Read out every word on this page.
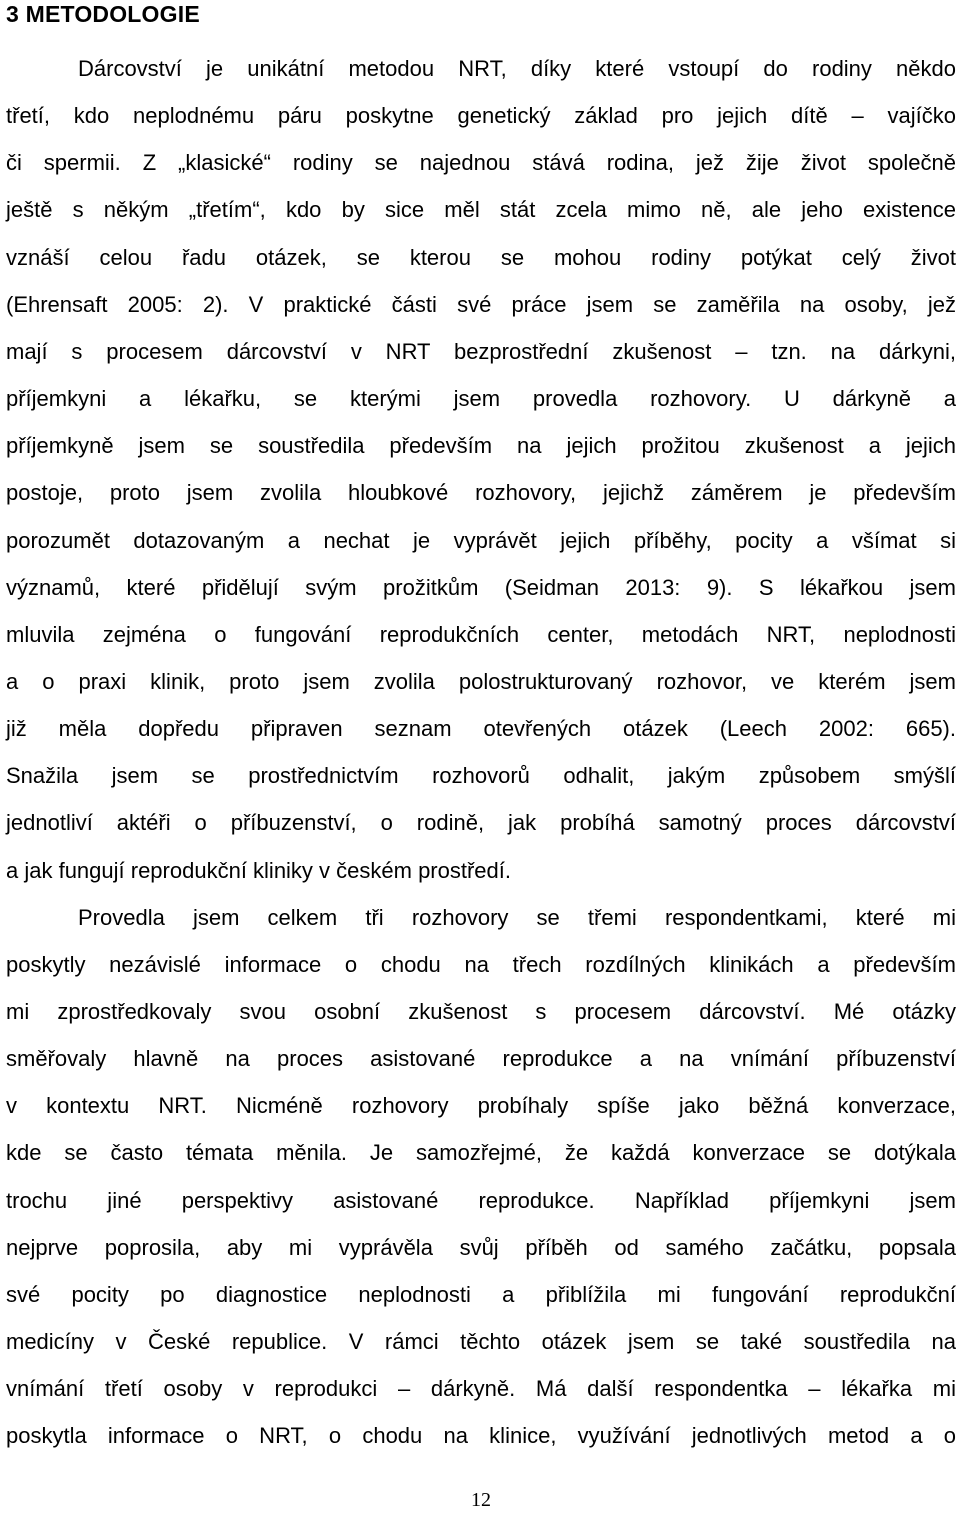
3 METODOLOGIE
Dárcovství je unikátní metodou NRT, díky které vstoupí do rodiny někdo
třetí, kdo neplodnému páru poskytne genetický základ pro jejich dítě – vajíčko
či spermii. Z „klasické“ rodiny se najednou stává rodina, jež žije život společně
ještě s někým „třetím“, kdo by sice měl stát zcela mimo ně, ale jeho existence
vznáší celou řadu otázek, se kterou se mohou rodiny potýkat celý život
(Ehrensaft 2005: 2). V praktické části své práce jsem se zaměřila na osoby, jež
mají s procesem dárcovství v NRT bezprostřední zkušenost – tzn. na dárkyni,
příjemkyni a lékařku, se kterými jsem provedla rozhovory. U dárkyně a
příjemkyně jsem se soustředila především na jejich prožitou zkušenost a jejich
postoje, proto jsem zvolila hloubkové rozhovory, jejichž záměrem je především
porozumět dotazovaným a nechat je vyprávět jejich příběhy, pocity a všímat si
významů, které přidělují svým prožitkům (Seidman 2013: 9). S lékařkou jsem
mluvila zejména o fungování reprodukčních center, metodách NRT, neplodnosti
a o praxi klinik, proto jsem zvolila polostrukturovaný rozhovor, ve kterém jsem
již měla dopředu připraven seznam otevřených otázek (Leech 2002: 665).
Snažila jsem se prostřednictvím rozhovorů odhalit, jakým způsobem smýšlí
jednotliví aktéři o příbuzenství, o rodině, jak probíhá samotný proces dárcovství
a jak fungují reprodukční kliniky v českém prostředí.
Provedla jsem celkem tři rozhovory se třemi respondentkami, které mi
poskytly nezávislé informace o chodu na třech rozdílných klinikách a především
mi zprostředkovaly svou osobní zkušenost s procesem dárcovství. Mé otázky
směřovaly hlavně na proces asistované reprodukce a na vnímání příbuzenství
v kontextu NRT. Nicméně rozhovory probíhaly spíše jako běžná konverzace,
kde se často témata měnila. Je samozřejmé, že každá konverzace se dotýkala
trochu jiné perspektivy asistované reprodukce. Například příjemkyni jsem
nejprve poprosila, aby mi vyprávěla svůj příběh od samého začátku, popsala
své pocity po diagnostice neplodnosti a přiblížila mi fungování reprodukční
medicíny v České republice. V rámci těchto otázek jsem se také soustředila na
vnímání třetí osoby v reprodukci – dárkyně. Má další respondentka – lékařka mi
poskytla informace o NRT, o chodu na klinice, využívání jednotlivých metod a o
12
